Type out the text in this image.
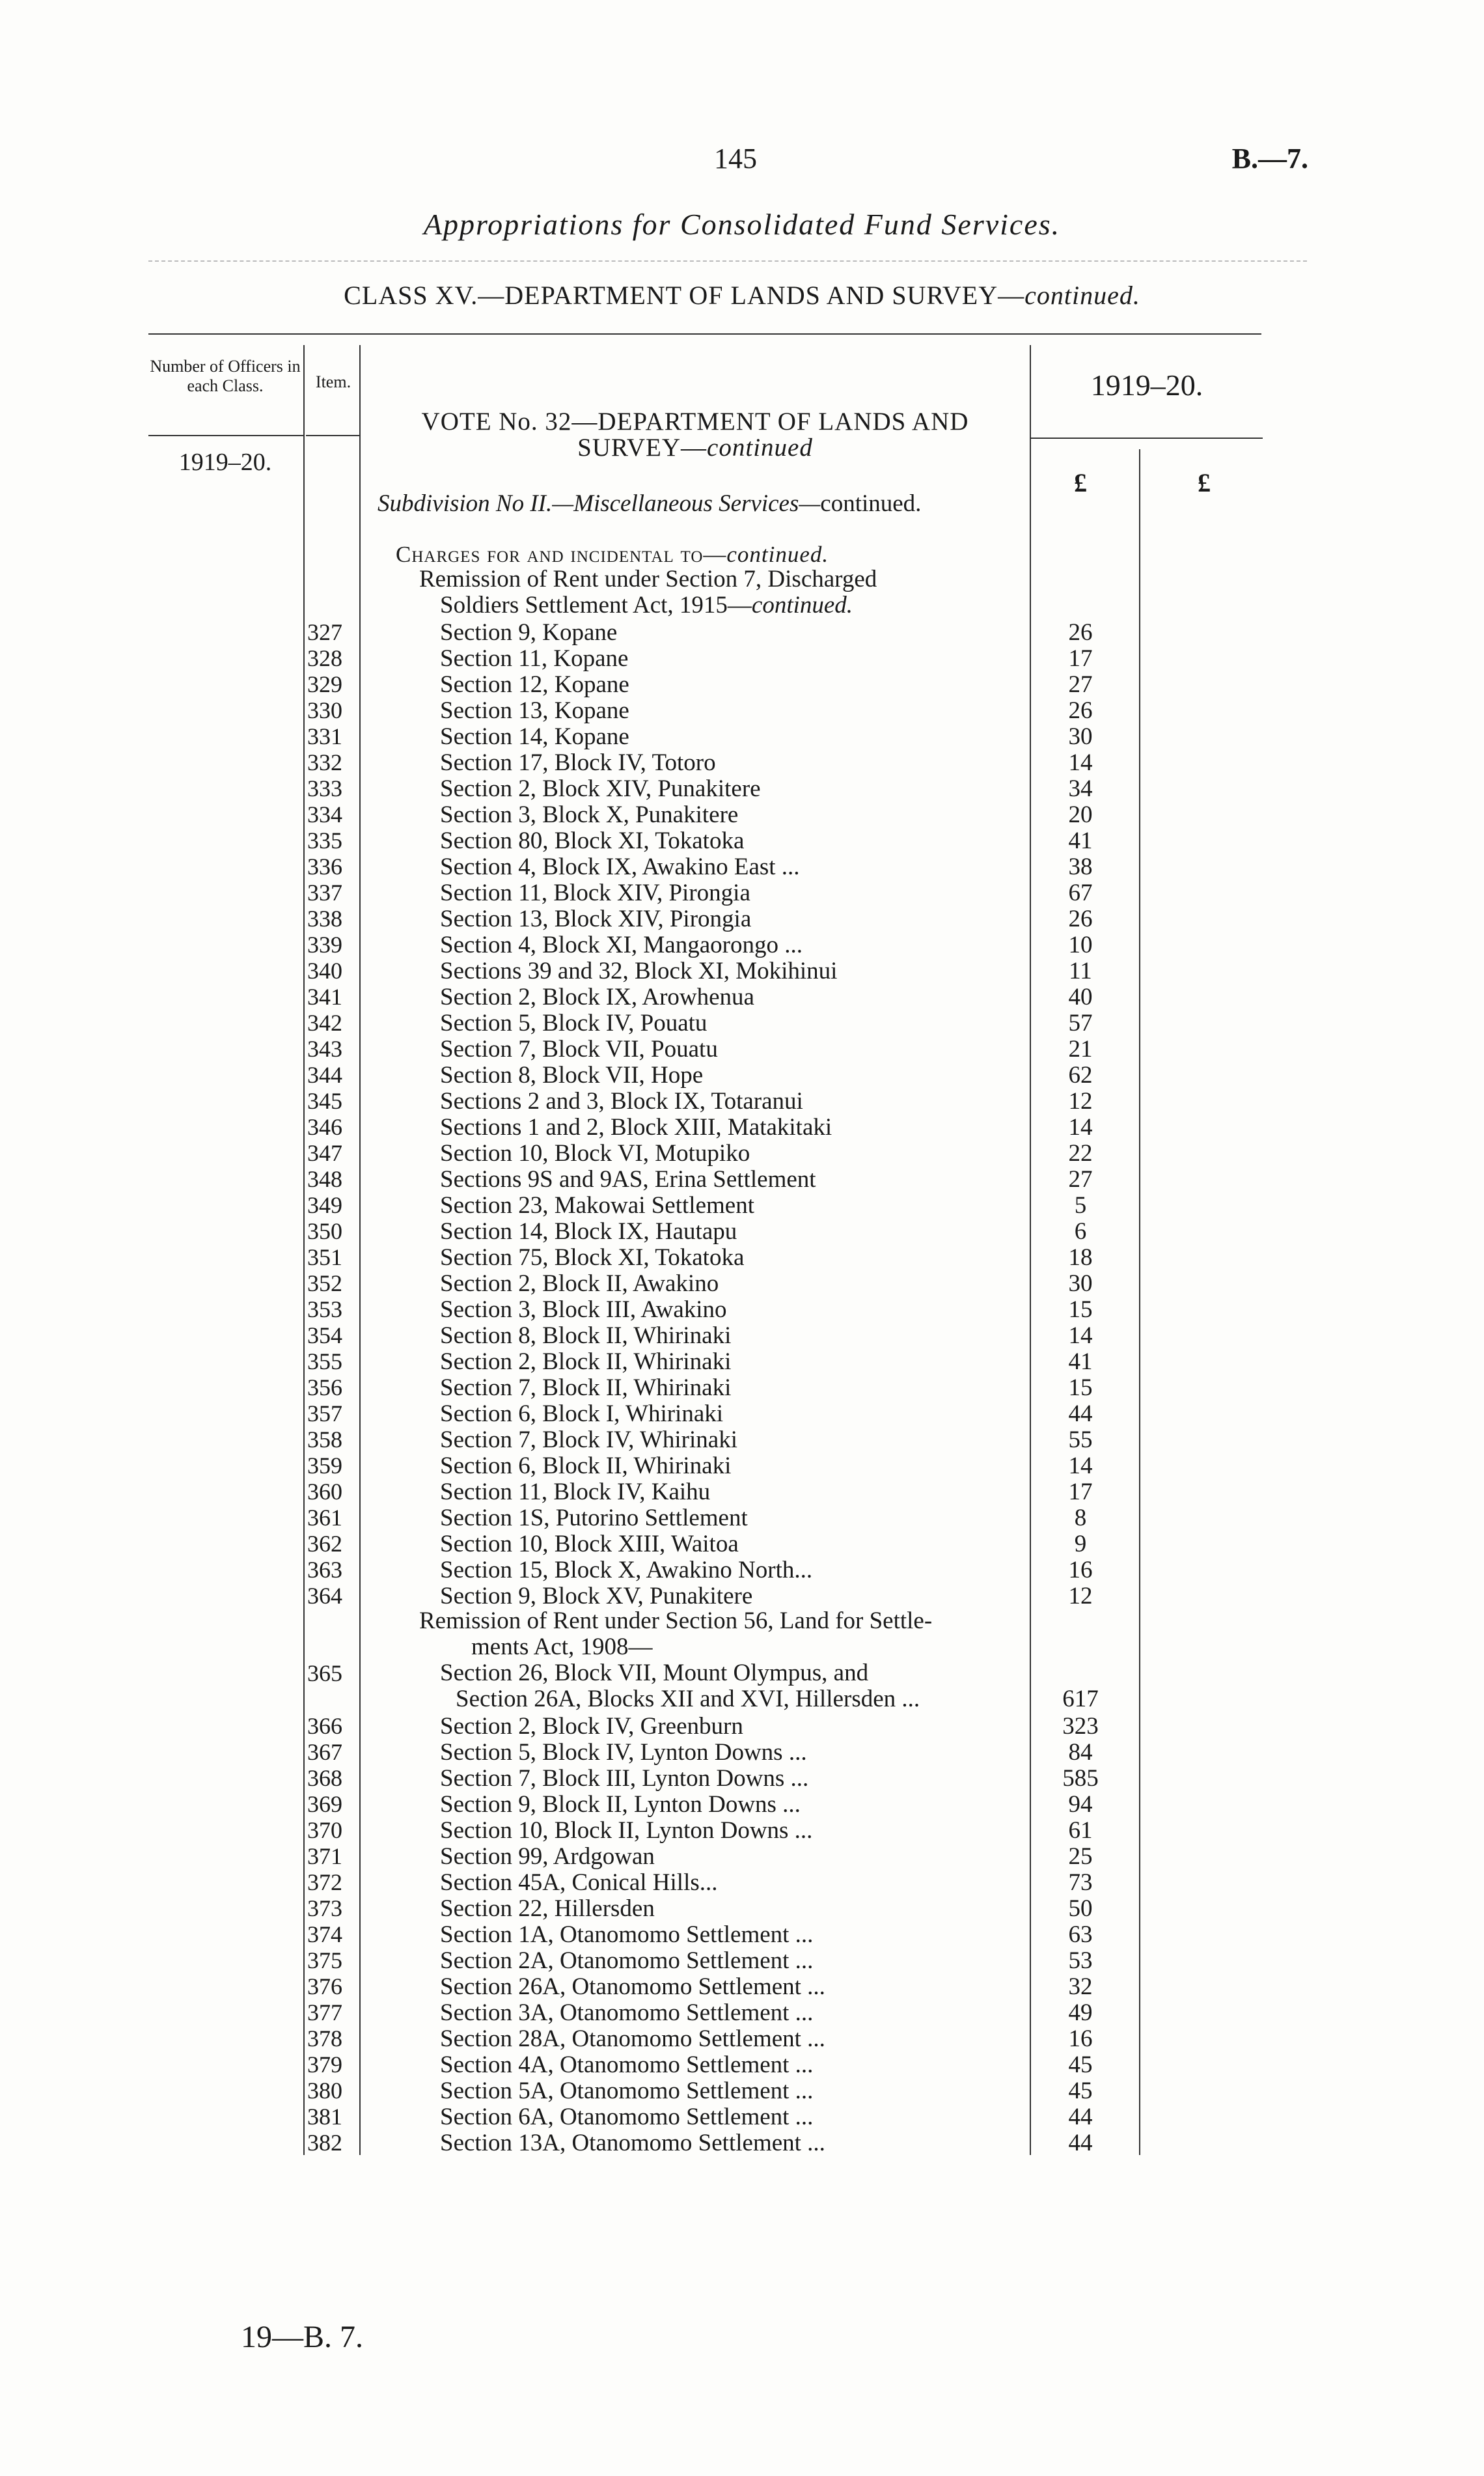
145	B.—7.
Appropriations for Consolidated Fund Services.
CLASS XV.—DEPARTMENT OF LANDS AND SURVEY—continued.
Number of Officers in each Class.	Item.
1919–20.
1919–20.
£	£
VOTE No. 32—DEPARTMENT OF LANDS AND
SURVEY—continued
Subdivision No II.—Miscellaneous Services—continued.
Charges for and incidental to—continued.
Remission of Rent under Section 7, Discharged
Soldiers Settlement Act, 1915—continued.
327	Section 9, Kopane	26
328	Section 11, Kopane	17
329	Section 12, Kopane	27
330	Section 13, Kopane	26
331	Section 14, Kopane	30
332	Section 17, Block IV, Totoro	14
333	Section 2, Block XIV, Punakitere	34
334	Section 3, Block X, Punakitere	20
335	Section 80, Block XI, Tokatoka	41
336	Section 4, Block IX, Awakino East ...	38
337	Section 11, Block XIV, Pirongia	67
338	Section 13, Block XIV, Pirongia	26
339	Section 4, Block XI, Mangaorongo ...	10
340	Sections 39 and 32, Block XI, Mokihinui	11
341	Section 2, Block IX, Arowhenua	40
342	Section 5, Block IV, Pouatu	57
343	Section 7, Block VII, Pouatu	21
344	Section 8, Block VII, Hope	62
345	Sections 2 and 3, Block IX, Totaranui	12
346	Sections 1 and 2, Block XIII, Matakitaki	14
347	Section 10, Block VI, Motupiko	22
348	Sections 9S and 9AS, Erina Settlement	27
349	Section 23, Makowai Settlement	5
350	Section 14, Block IX, Hautapu	6
351	Section 75, Block XI, Tokatoka	18
352	Section 2, Block II, Awakino	30
353	Section 3, Block III, Awakino	15
354	Section 8, Block II, Whirinaki	14
355	Section 2, Block II, Whirinaki	41
356	Section 7, Block II, Whirinaki	15
357	Section 6, Block I, Whirinaki	44
358	Section 7, Block IV, Whirinaki	55
359	Section 6, Block II, Whirinaki	14
360	Section 11, Block IV, Kaihu	17
361	Section 1S, Putorino Settlement	8
362	Section 10, Block XIII, Waitoa	9
363	Section 15, Block X, Awakino North...	16
364	Section 9, Block XV, Punakitere	12
Remission of Rent under Section 56, Land for Settle-
ments Act, 1908—
365	Section 26, Block VII, Mount Olympus, and
Section 26A, Blocks XII and XVI, Hillersden ...	617
366	Section 2, Block IV, Greenburn	323
367	Section 5, Block IV, Lynton Downs ...	84
368	Section 7, Block III, Lynton Downs ...	585
369	Section 9, Block II, Lynton Downs ...	94
370	Section 10, Block II, Lynton Downs ...	61
371	Section 99, Ardgowan	25
372	Section 45A, Conical Hills...	73
373	Section 22, Hillersden	50
374	Section 1A, Otanomomo Settlement ...	63
375	Section 2A, Otanomomo Settlement ...	53
376	Section 26A, Otanomomo Settlement ...	32
377	Section 3A, Otanomomo Settlement ...	49
378	Section 28A, Otanomomo Settlement ...	16
379	Section 4A, Otanomomo Settlement ...	45
380	Section 5A, Otanomomo Settlement ...	45
381	Section 6A, Otanomomo Settlement ...	44
382	Section 13A, Otanomomo Settlement ...	44
19—B. 7.
